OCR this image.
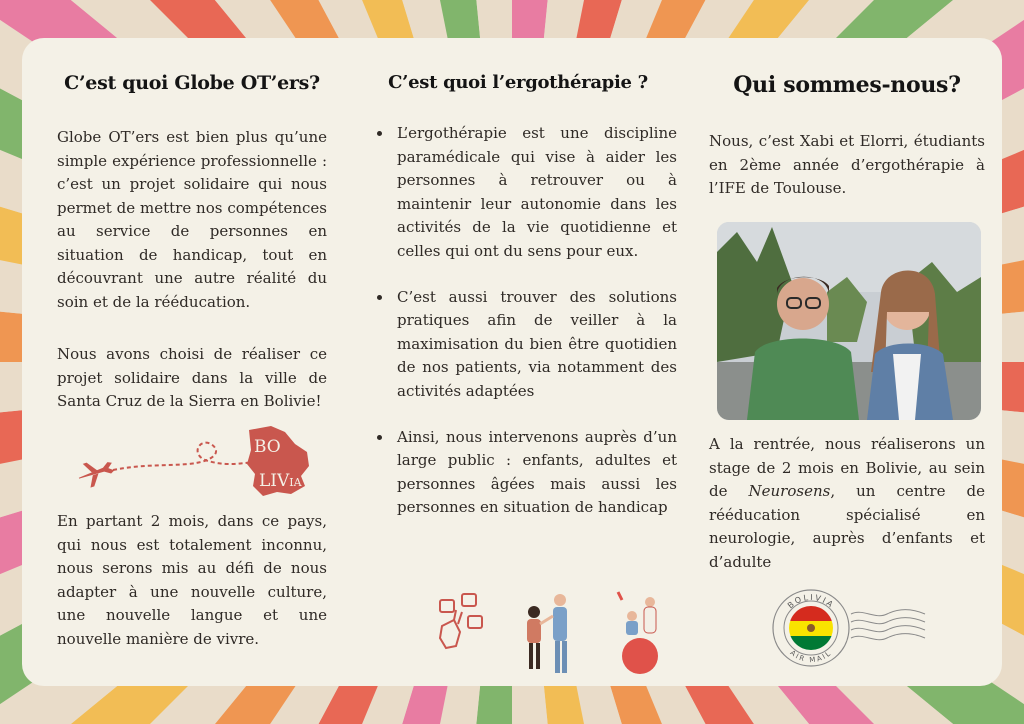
C’est quoi Globe OT’ers?

Globe OT’ers est bien plus qu’une simple expérience professionnelle : c’est un projet solidaire qui nous permet de mettre nos compétences au service de personnes en situation de handicap, tout en découvrant une autre réalité du soin et de la rééducation.

Nous avons choisi de réaliser ce projet solidaire dans la ville de Santa Cruz de la Sierra en Bolivie!

BO
LIVIA

En partant 2 mois, dans ce pays, qui nous est totalement inconnu, nous serons mis au défi de nous adapter à une nouvelle culture, une nouvelle langue et une nouvelle manière de vivre.

C’est quoi l’ergothérapie ?
L’ergothérapie est une discipline paramédicale qui vise à aider les personnes à retrouver ou à maintenir leur autonomie dans les activités de la vie quotidienne et celles qui ont du sens pour eux.
C’est aussi trouver des solutions pratiques afin de veiller à la maximisation du bien être quotidien de nos patients, via notamment des activités adaptées
Ainsi, nous intervenons auprès d’un large public : enfants, adultes et personnes âgées mais aussi les personnes en situation de handicap
Qui sommes-nous?

Nous, c’est Xabi et Elorri, étudiants en 2ème année d’ergothérapie à l’IFE de Toulouse.

A la rentrée, nous réaliserons un stage de 2 mois en Bolivie, au sein de Neurosens, un centre de rééducation spécialisé en neurologie, auprès d’enfants et d’adulte

BOLIVIA
AIR MAIL
